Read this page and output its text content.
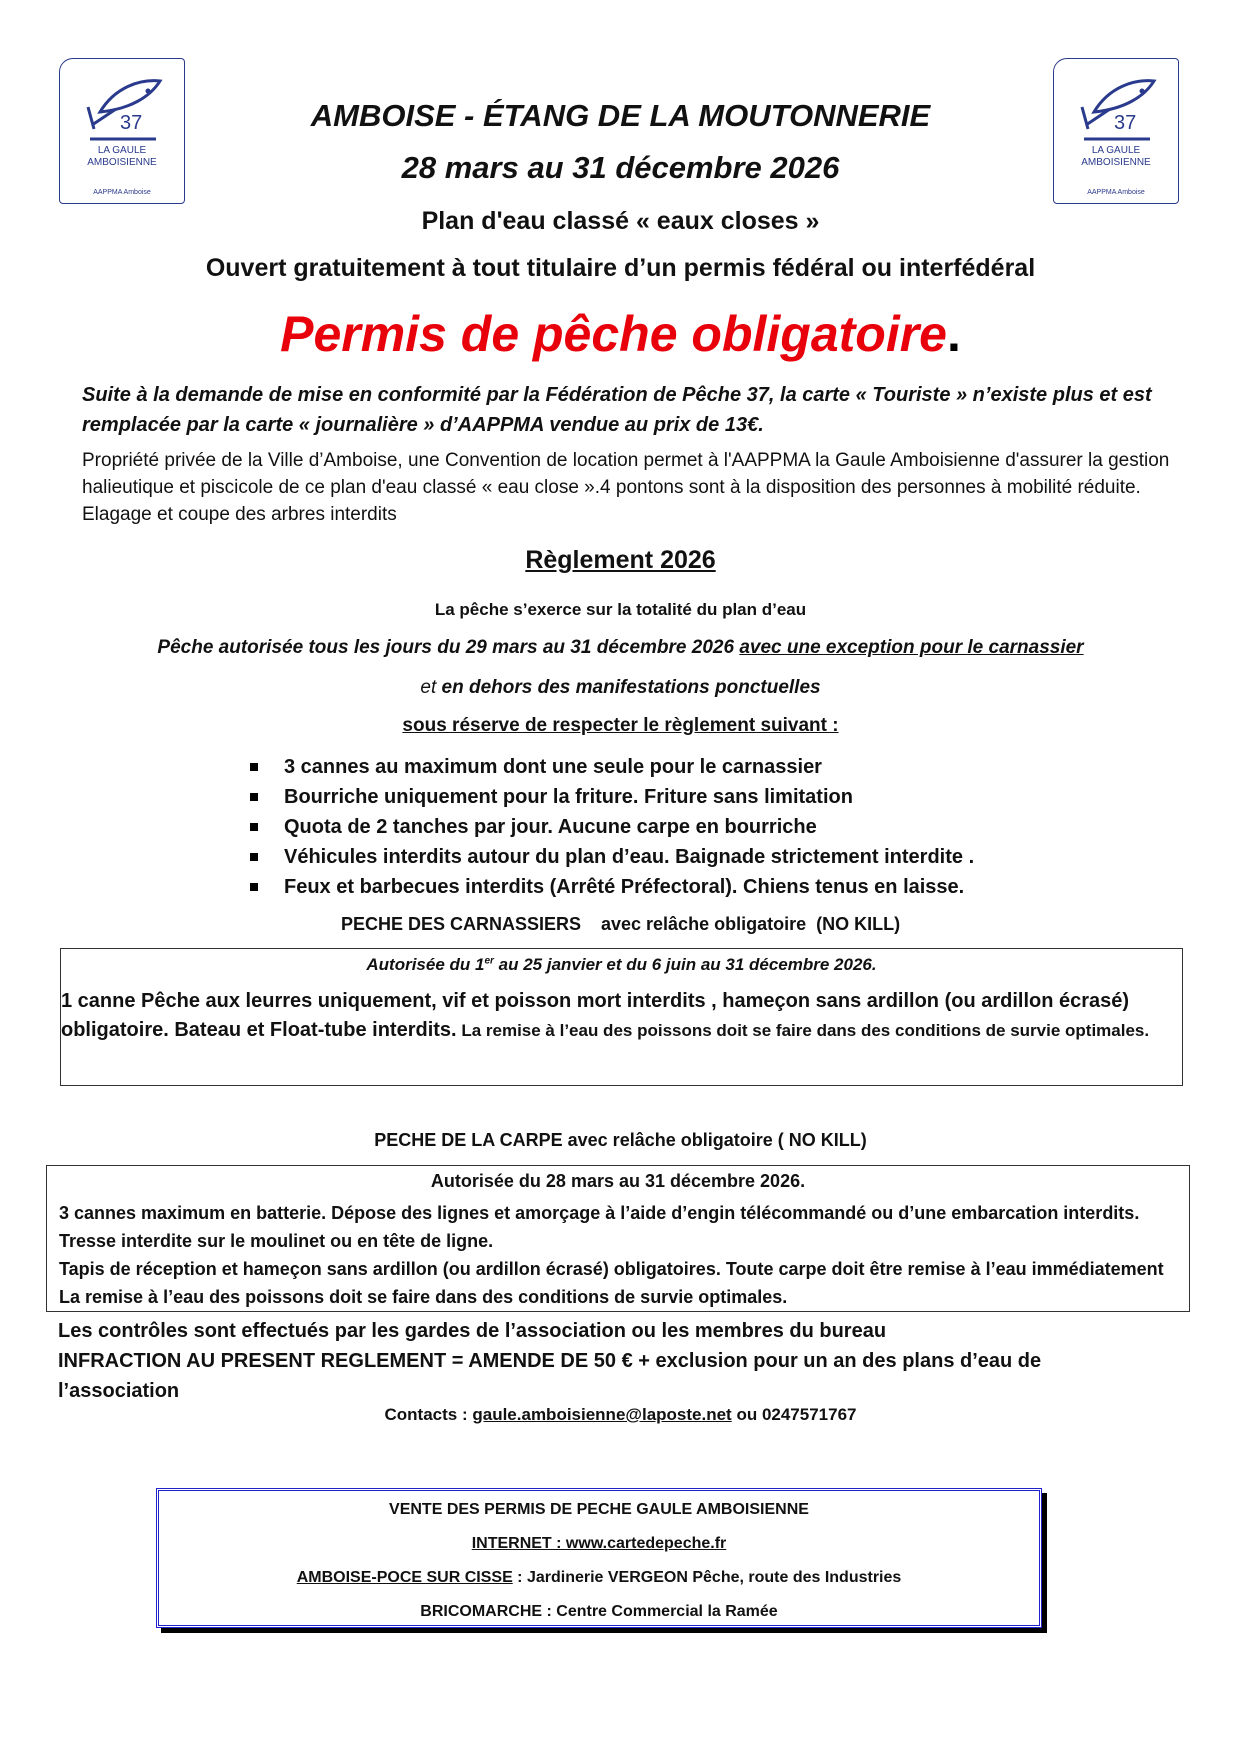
37
LA GAULE
AMBOISIENNE
AAPPMA Amboise
37
LA GAULE
AMBOISIENNE
AAPPMA Amboise
AMBOISE - ÉTANG DE LA MOUTONNERIE
28 mars au 31 décembre 2026
Plan d'eau classé « eaux closes »
Ouvert gratuitement à tout titulaire d’un permis fédéral ou interfédéral
Permis de pêche obligatoire.
Suite à la demande de mise en conformité par la Fédération de Pêche 37, la carte « Touriste » n’existe plus et est remplacée par la carte « journalière » d’AAPPMA vendue au prix de 13€.
Propriété privée de la Ville d’Amboise, une Convention de location permet à l'AAPPMA la Gaule Amboisienne d'assurer la gestion halieutique et piscicole de ce plan d'eau classé « eau close ».4 pontons sont à la disposition des personnes à mobilité réduite. Elagage et coupe des arbres interdits
Règlement 2026
La pêche s’exerce sur la totalité du plan d’eau
Pêche autorisée tous les jours du 29 mars au 31 décembre 2026 avec une exception pour le carnassier
et en dehors des manifestations ponctuelles
sous réserve de respecter le règlement suivant :
3 cannes au maximum dont une seule pour le carnassier
Bourriche uniquement pour la friture. Friture sans limitation
Quota de 2 tanches par jour. Aucune carpe en bourriche
Véhicules interdits autour du plan d’eau. Baignade strictement interdite .
Feux et barbecues interdits (Arrêté Préfectoral). Chiens tenus en laisse.
PECHE DES CARNASSIERS    avec relâche obligatoire  (NO KILL)
Autorisée du 1er au 25 janvier et du 6 juin au 31 décembre 2026.
1 canne Pêche aux leurres uniquement, vif et poisson mort interdits , hameçon sans ardillon (ou ardillon écrasé) obligatoire. Bateau et Float-tube interdits. La remise à l’eau des poissons doit se faire dans des conditions de survie optimales.
PECHE DE LA CARPE avec relâche obligatoire ( NO KILL)
Autorisée du 28 mars au 31 décembre 2026.
3 cannes maximum en batterie. Dépose des lignes et amorçage à l’aide d’engin télécommandé ou d’une embarcation interdits. Tresse interdite sur le moulinet ou en tête de ligne.
Tapis de réception et hameçon sans ardillon (ou ardillon écrasé) obligatoires. Toute carpe doit être remise à l’eau immédiatement La remise à l’eau des poissons doit se faire dans des conditions de survie optimales.
Les contrôles sont effectués par les gardes de l’association ou les membres du bureau
INFRACTION AU PRESENT REGLEMENT = AMENDE DE 50 € + exclusion pour un an des plans d’eau de l’association
Contacts : gaule.amboisienne@laposte.net ou 0247571767
VENTE DES PERMIS DE PECHE GAULE AMBOISIENNE
INTERNET : www.cartedepeche.fr
AMBOISE-POCE SUR CISSE : Jardinerie VERGEON Pêche, route des Industries
BRICOMARCHE : Centre Commercial la Ramée
